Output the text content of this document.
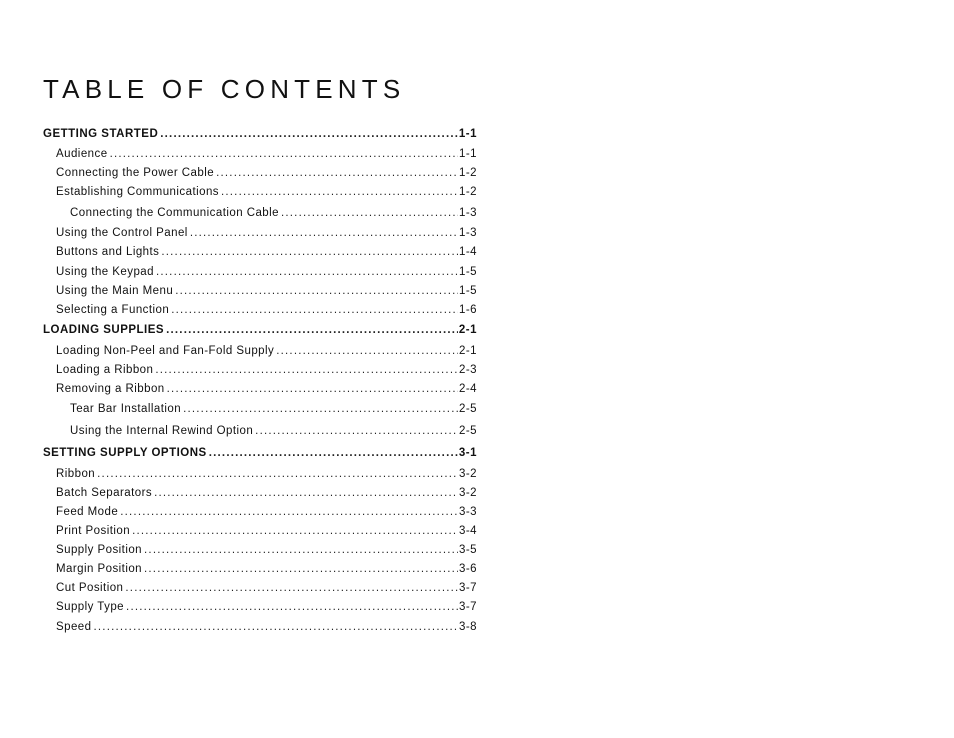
TABLE OF CONTENTS
GETTING STARTED .....	1-1
Audience .....	1-1
Connecting the Power Cable .....	1-2
Establishing Communications .....	1-2
Connecting the Communication Cable .....	1-3
Using the Control Panel .....	1-3
Buttons and Lights .....	1-4
Using the Keypad .....	1-5
Using the Main Menu .....	1-5
Selecting a Function .....	1-6
LOADING SUPPLIES .....	2-1
Loading Non-Peel and Fan-Fold Supply .....	2-1
Loading a Ribbon .....	2-3
Removing a Ribbon .....	2-4
Tear Bar Installation .....	2-5
Using the Internal Rewind Option .....	2-5
SETTING SUPPLY OPTIONS .....	3-1
Ribbon .....	3-2
Batch Separators .....	3-2
Feed Mode .....	3-3
Print Position .....	3-4
Supply Position .....	3-5
Margin Position .....	3-6
Cut Position .....	3-7
Supply Type .....	3-7
Speed .....	3-8
